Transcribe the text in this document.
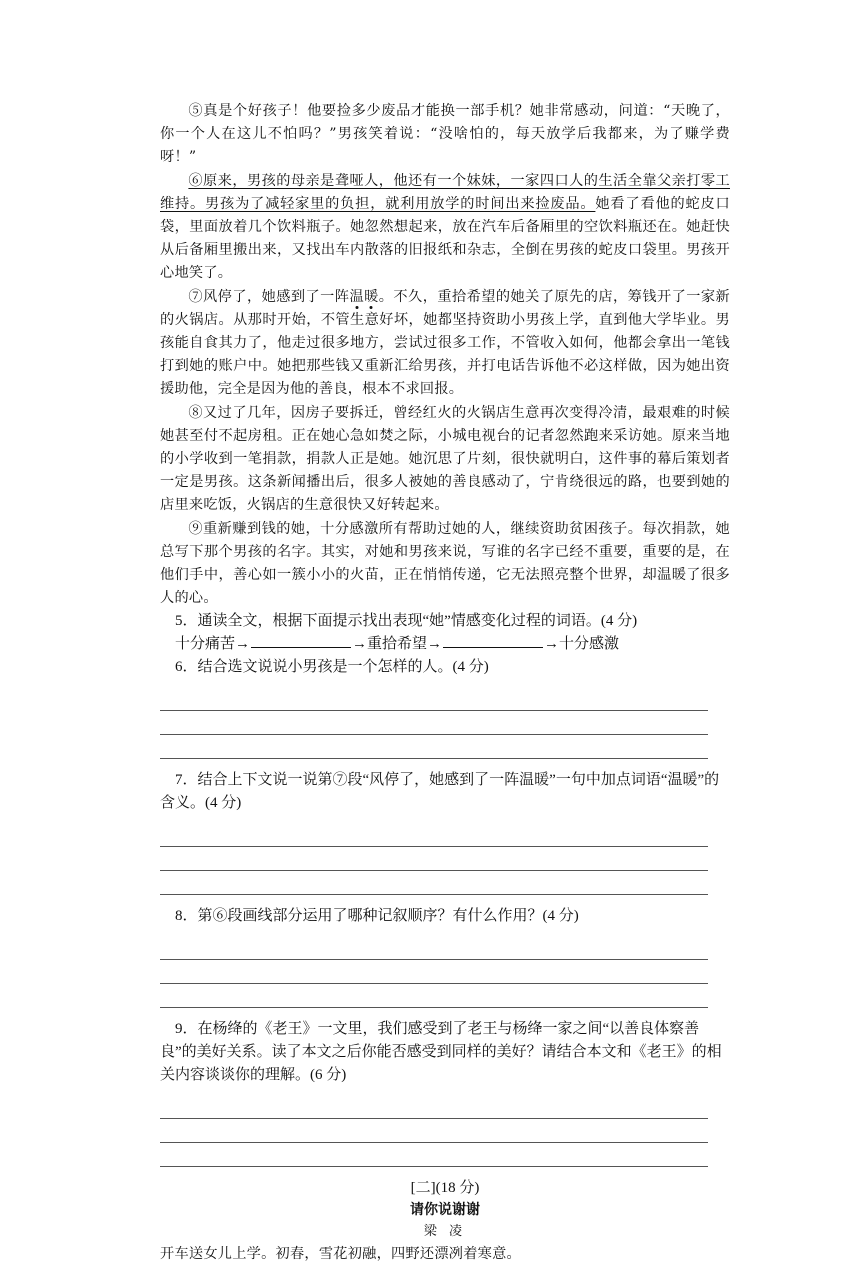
⑤真是个好孩子！他要捡多少废品才能换一部手机？她非常感动，问道：“天晚了，你一个人在这儿不怕吗？”男孩笑着说：“没啥怕的，每天放学后我都来，为了赚学费呀！”

⑥原来，男孩的母亲是聋哑人，他还有一个妹妹，一家四口人的生活全靠父亲打零工维持。男孩为了减轻家里的负担，就利用放学的时间出来捡废品。她看了看他的蛇皮口袋，里面放着几个饮料瓶子。她忽然想起来，放在汽车后备厢里的空饮料瓶还在。她赶快从后备厢里搬出来，又找出车内散落的旧报纸和杂志，全倒在男孩的蛇皮口袋里。男孩开心地笑了。

⑦风停了，她感到了一阵温暖。不久，重拾希望的她关了原先的店，筹钱开了一家新的火锅店。从那时开始，不管生意好坏，她都坚持资助小男孩上学，直到他大学毕业。男孩能自食其力了，他走过很多地方，尝试过很多工作，不管收入如何，他都会拿出一笔钱打到她的账户中。她把那些钱又重新汇给男孩，并打电话告诉他不必这样做，因为她出资援助他，完全是因为他的善良，根本不求回报。

⑧又过了几年，因房子要拆迁，曾经红火的火锅店生意再次变得冷清，最艰难的时候她甚至付不起房租。正在她心急如焚之际，小城电视台的记者忽然跑来采访她。原来当地的小学收到一笔捐款，捐款人正是她。她沉思了片刻，很快就明白，这件事的幕后策划者一定是男孩。这条新闻播出后，很多人被她的善良感动了，宁肯绕很远的路，也要到她的店里来吃饭，火锅店的生意很快又好转起来。

⑨重新赚到钱的她，十分感激所有帮助过她的人，继续资助贫困孩子。每次捐款，她总写下那个男孩的名字。其实，对她和男孩来说，写谁的名字已经不重要，重要的是，在他们手中，善心如一簇小小的火苗，正在悄悄传递，它无法照亮整个世界，却温暖了很多人的心。

5．通读全文，根据下面提示找出表现“她”情感变化过程的词语。(4 分)

十分痛苦→	→重拾希望→	→十分感激

6．结合选文说说小男孩是一个怎样的人。(4 分)

7．结合上下文说一说第⑦段“风停了，她感到了一阵温暖”一句中加点词语“温暖”的含义。(4 分)

8．第⑥段画线部分运用了哪种记叙顺序？有什么作用？(4 分)

9．在杨绛的《老王》一文里，我们感受到了老王与杨绛一家之间“以善良体察善良”的美好关系。读了本文之后你能否感受到同样的美好？请结合本文和《老王》的相关内容谈谈你的理解。(6 分)

[二](18 分)

请你说谢谢

梁 凌

开车送女儿上学。初春，雪花初融，四野还漂冽着寒意。
